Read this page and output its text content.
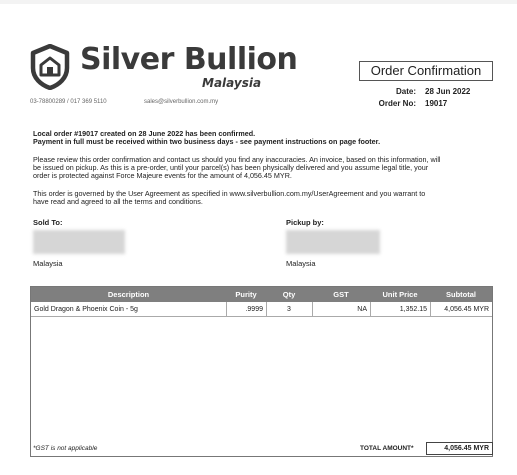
Silver Bullion
Malaysia
03-78800289 / 017 369 5110	sales@silverbullion.com.my
Order Confirmation
Date: 28 Jun 2022
Order No: 19017
Local order #19017 created on 28 June 2022 has been confirmed.
Payment in full must be received within two business days - see payment instructions on page footer.
Please review this order confirmation and contact us should you find any inaccuracies. An invoice, based on this information, will
be issued on pickup. As this is a pre-order, until your parcel(s) has been physically delivered and you assume legal title, your
order is protected against Force Majeure events for the amount of 4,056.45 MYR.
This order is governed by the User Agreement as specified in www.silverbullion.com.my/UserAgreement and you warrant to
have read and agreed to all the terms and conditions.
Sold To:
Malaysia
Pickup by:
Malaysia
Description	Purity	Qty	GST	Unit Price	Subtotal
Gold Dragon & Phoenix Coin - 5g	.9999	3	NA	1,352.15	4,056.45 MYR
*GST is not applicable	TOTAL AMOUNT*	4,056.45 MYR
